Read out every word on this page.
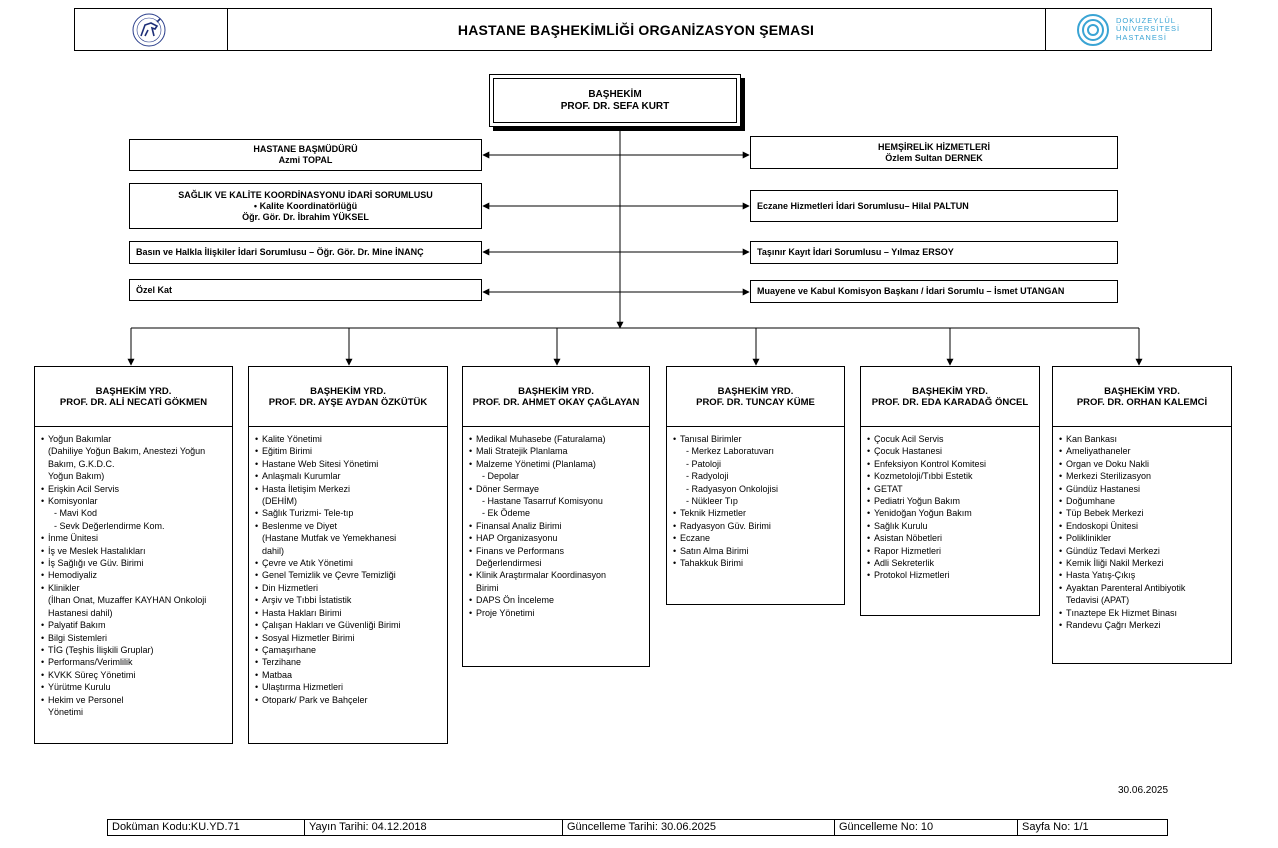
HASTANE BAŞHEKİMLİĞİ ORGANİZASYON ŞEMASI
DOKUZEYLÜL
ÜNİVERSİTESİ
HASTANESİ
BAŞHEKİM
PROF. DR. SEFA KURT
HASTANE BAŞMÜDÜRÜ
Azmi TOPAL
SAĞLIK VE KALİTE KOORDİNASYONU İDARİ SORUMLUSU
• Kalite Koordinatörlüğü
Öğr. Gör. Dr. İbrahim YÜKSEL
Basın ve Halkla İlişkiler İdari Sorumlusu – Öğr. Gör. Dr. Mine İNANÇ
Özel Kat
HEMŞİRELİK HİZMETLERİ
Özlem Sultan DERNEK
Eczane Hizmetleri İdari Sorumlusu– Hilal PALTUN
Taşınır Kayıt İdari Sorumlusu – Yılmaz ERSOY
Muayene ve Kabul Komisyon Başkanı / İdari Sorumlu – İsmet UTANGAN
BAŞHEKİM YRD.
PROF. DR. ALİ NECATİ GÖKMEN
• Yoğun Bakımlar
(Dahiliye Yoğun Bakım, Anestezi Yoğun
Bakım, G.K.D.C.
Yoğun Bakım)
• Erişkin Acil Servis
• Komisyonlar
- Mavi Kod
- Sevk Değerlendirme Kom.
• İnme Ünitesi
• İş ve Meslek Hastalıkları
• İş Sağlığı ve Güv. Birimi
• Hemodiyaliz
• Klinikler
(İlhan Onat, Muzaffer KAYHAN Onkoloji
Hastanesi dahil)
• Palyatif Bakım
• Bilgi Sistemleri
• TİG (Teşhis İlişkili Gruplar)
• Performans/Verimlilik
• KVKK Süreç Yönetimi
• Yürütme Kurulu
• Hekim ve Personel
Yönetimi
BAŞHEKİM YRD.
PROF. DR. AYŞE AYDAN ÖZKÜTÜK
• Kalite Yönetimi
• Eğitim Birimi
• Hastane Web Sitesi Yönetimi
• Anlaşmalı Kurumlar
• Hasta İletişim Merkezi
(DEHİM)
• Sağlık Turizmi- Tele-tıp
• Beslenme ve Diyet
(Hastane Mutfak ve Yemekhanesi
dahil)
• Çevre ve Atık Yönetimi
• Genel Temizlik ve Çevre Temizliği
• Din Hizmetleri
• Arşiv ve Tıbbi İstatistik
• Hasta Hakları Birimi
• Çalışan Hakları ve Güvenliği Birimi
• Sosyal Hizmetler Birimi
• Çamaşırhane
• Terzihane
• Matbaa
• Ulaştırma Hizmetleri
• Otopark/ Park ve Bahçeler
BAŞHEKİM YRD.
PROF. DR. AHMET OKAY ÇAĞLAYAN
• Medikal Muhasebe (Faturalama)
• Mali Stratejik Planlama
• Malzeme Yönetimi (Planlama)
- Depolar
• Döner Sermaye
- Hastane Tasarruf Komisyonu
- Ek Ödeme
• Finansal Analiz Birimi
• HAP Organizasyonu
• Finans ve Performans
Değerlendirmesi
• Klinik Araştırmalar Koordinasyon
Birimi
• DAPS Ön İnceleme
• Proje Yönetimi
BAŞHEKİM YRD.
PROF. DR. TUNCAY KÜME
• Tanısal Birimler
- Merkez Laboratuvarı
- Patoloji
- Radyoloji
- Radyasyon Onkolojisi
- Nükleer Tıp
• Teknik Hizmetler
• Radyasyon Güv. Birimi
• Eczane
• Satın Alma Birimi
• Tahakkuk Birimi
BAŞHEKİM YRD.
PROF. DR. EDA KARADAĞ ÖNCEL
• Çocuk Acil Servis
• Çocuk Hastanesi
• Enfeksiyon Kontrol Komitesi
• Kozmetoloji/Tıbbi Estetik
• GETAT
• Pediatri Yoğun Bakım
• Yenidoğan Yoğun Bakım
• Sağlık Kurulu
• Asistan Nöbetleri
• Rapor Hizmetleri
• Adli Sekreterlik
• Protokol Hizmetleri
BAŞHEKİM YRD.
PROF. DR. ORHAN KALEMCİ
• Kan Bankası
• Ameliyathaneler
• Organ ve Doku Nakli
• Merkezi Sterilizasyon
• Gündüz Hastanesi
• Doğumhane
• Tüp Bebek Merkezi
• Endoskopi Ünitesi
• Poliklinikler
• Gündüz Tedavi Merkezi
• Kemik İliği Nakil Merkezi
• Hasta Yatış-Çıkış
• Ayaktan Parenteral Antibiyotik
Tedavisi (APAT)
• Tınaztepe Ek Hizmet Binası
• Randevu Çağrı Merkezi
30.06.2025
Doküman Kodu:KU.YD.71	Yayın Tarihi: 04.12.2018	Güncelleme Tarihi: 30.06.2025	Güncelleme No: 10	Sayfa No: 1/1
